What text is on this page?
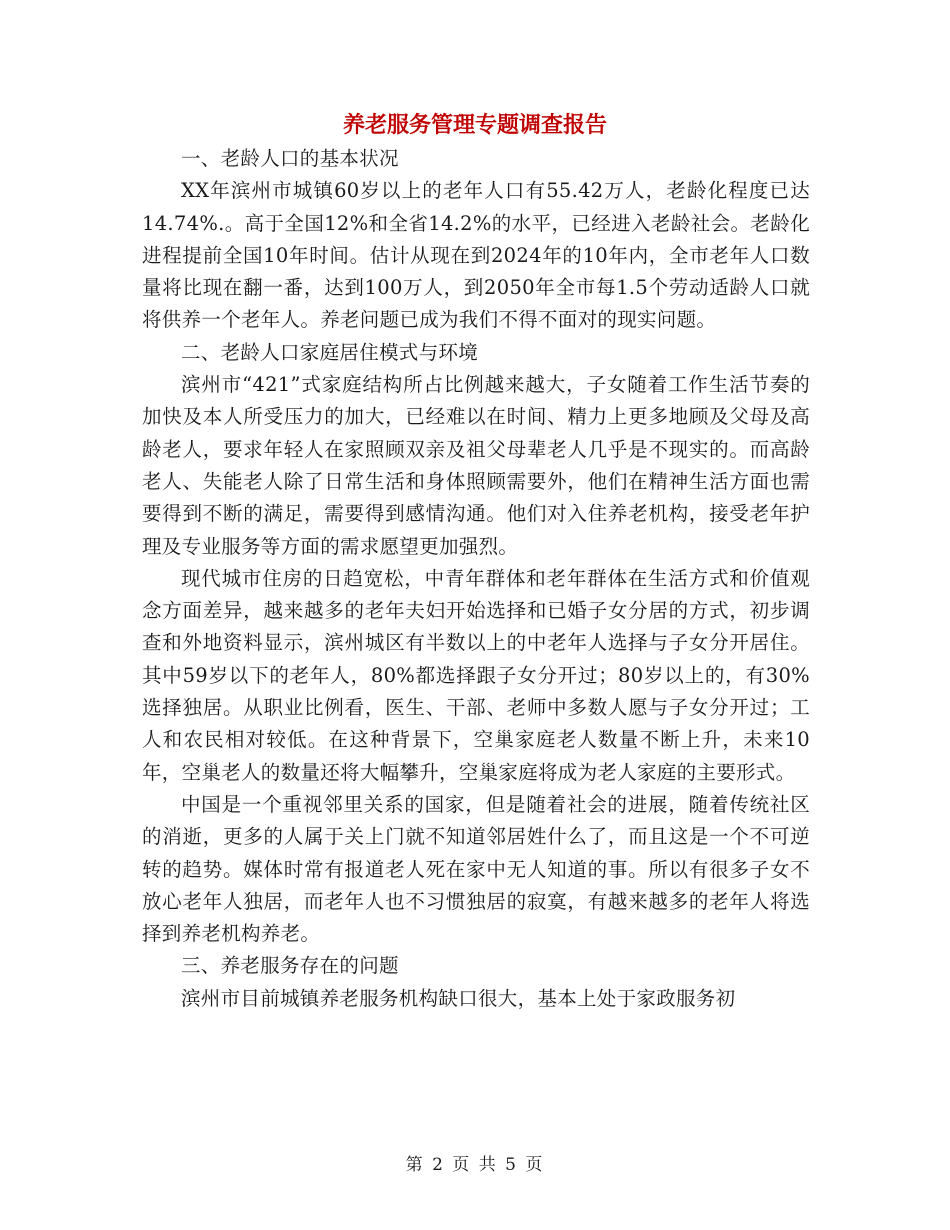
养老服务管理专题调查报告

一、老龄人口的基本状况

XX年滨州市城镇60岁以上的老年人口有55.42万人，老龄化程度已达14.74%.。高于全国12%和全省14.2%的水平，已经进入老龄社会。老龄化进程提前全国10年时间。估计从现在到2024年的10年内，全市老年人口数量将比现在翻一番，达到100万人，到2050年全市每1.5个劳动适龄人口就将供养一个老年人。养老问题已成为我们不得不面对的现实问题。

二、老龄人口家庭居住模式与环境

滨州市“421”式家庭结构所占比例越来越大，子女随着工作生活节奏的加快及本人所受压力的加大，已经难以在时间、精力上更多地顾及父母及高龄老人，要求年轻人在家照顾双亲及祖父母辈老人几乎是不现实的。而高龄老人、失能老人除了日常生活和身体照顾需要外，他们在精神生活方面也需要得到不断的满足，需要得到感情沟通。他们对入住养老机构，接受老年护理及专业服务等方面的需求愿望更加强烈。

现代城市住房的日趋宽松，中青年群体和老年群体在生活方式和价值观念方面差异，越来越多的老年夫妇开始选择和已婚子女分居的方式，初步调查和外地资料显示，滨州城区有半数以上的中老年人选择与子女分开居住。其中59岁以下的老年人，80%都选择跟子女分开过；80岁以上的，有30%选择独居。从职业比例看，医生、干部、老师中多数人愿与子女分开过；工人和农民相对较低。在这种背景下，空巢家庭老人数量不断上升，未来10年，空巢老人的数量还将大幅攀升，空巢家庭将成为老人家庭的主要形式。

中国是一个重视邻里关系的国家，但是随着社会的进展，随着传统社区的消逝，更多的人属于关上门就不知道邻居姓什么了，而且这是一个不可逆转的趋势。媒体时常有报道老人死在家中无人知道的事。所以有很多子女不放心老年人独居，而老年人也不习惯独居的寂寞，有越来越多的老年人将选择到养老机构养老。

三、养老服务存在的问题

滨州市目前城镇养老服务机构缺口很大，基本上处于家政服务初

第 2 页 共 5 页
